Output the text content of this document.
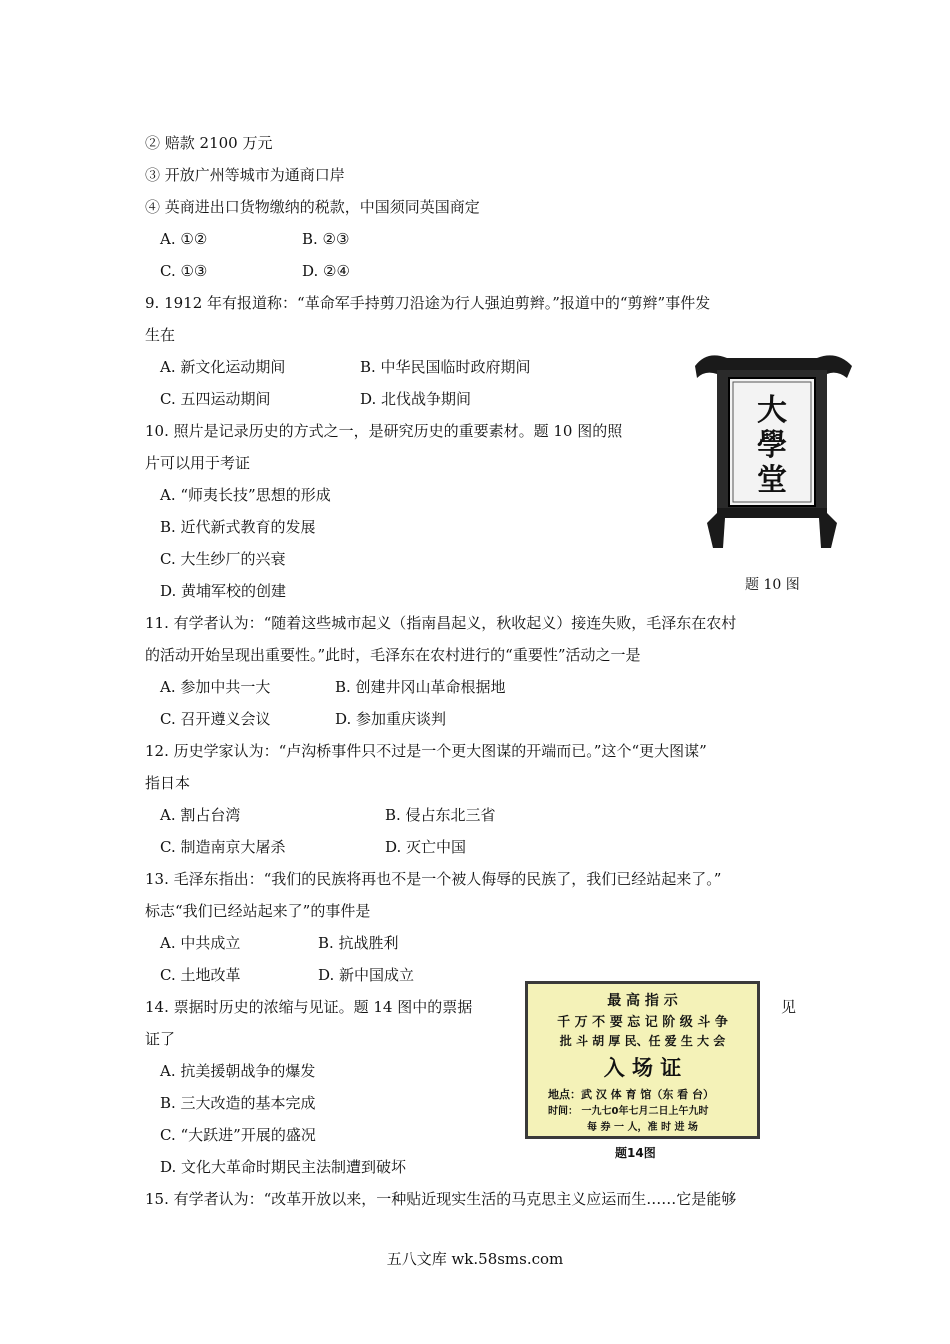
② 赔款 2100 万元
③ 开放广州等城市为通商口岸
④ 英商进出口货物缴纳的税款，中国须同英国商定
A. ①②	B. ②③
C. ①③	D. ②④
9. 1912 年有报道称：“革命军手持剪刀沿途为行人强迫剪辫。”报道中的“剪辫”事件发
生在
A. 新文化运动期间	B. 中华民国临时政府期间
C. 五四运动期间	D. 北伐战争期间	大
學
堂
10. 照片是记录历史的方式之一，是研究历史的重要素材。题 10 图的照
片可以用于考证
A. “师夷长技”思想的形成
B. 近代新式教育的发展
C. 大生纱厂的兴衰
D. 黄埔军校的创建	题 10 图
11. 有学者认为：“随着这些城市起义（指南昌起义，秋收起义）接连失败，毛泽东在农村
的活动开始呈现出重要性。”此时，毛泽东在农村进行的“重要性”活动之一是
A. 参加中共一大	B. 创建井冈山革命根据地
C. 召开遵义会议	D. 参加重庆谈判
12. 历史学家认为：“卢沟桥事件只不过是一个更大图谋的开端而已。”这个“更大图谋”
指日本
A. 割占台湾	B. 侵占东北三省
C. 制造南京大屠杀	D. 灭亡中国
13. 毛泽东指出：“我们的民族将再也不是一个被人侮辱的民族了，我们已经站起来了。”
标志“我们已经站起来了”的事件是
A. 中共成立	B. 抗战胜利
C. 土地改革	D. 新中国成立
14. 票据时历史的浓缩与见证。题 14 图中的票据	见
证了
A. 抗美援朝战争的爆发
B. 三大改造的基本完成
C. “大跃进”开展的盛况
D. 文化大革命时期民主法制遭到破坏
最 高 指 示
千 万 不 要 忘 记 阶 级 斗 争
批 斗 胡 厚 民、任 爱 生 大 会
入 场 证
地点：武 汉 体 育 馆（东 看 台）
时间： 一九七0年七月二日上午九时
每 券 一 人，准 时 进 场
题14图
15. 有学者认为：“改革开放以来，一种贴近现实生活的马克思主义应运而生……它是能够
五八文库 wk.58sms.com
